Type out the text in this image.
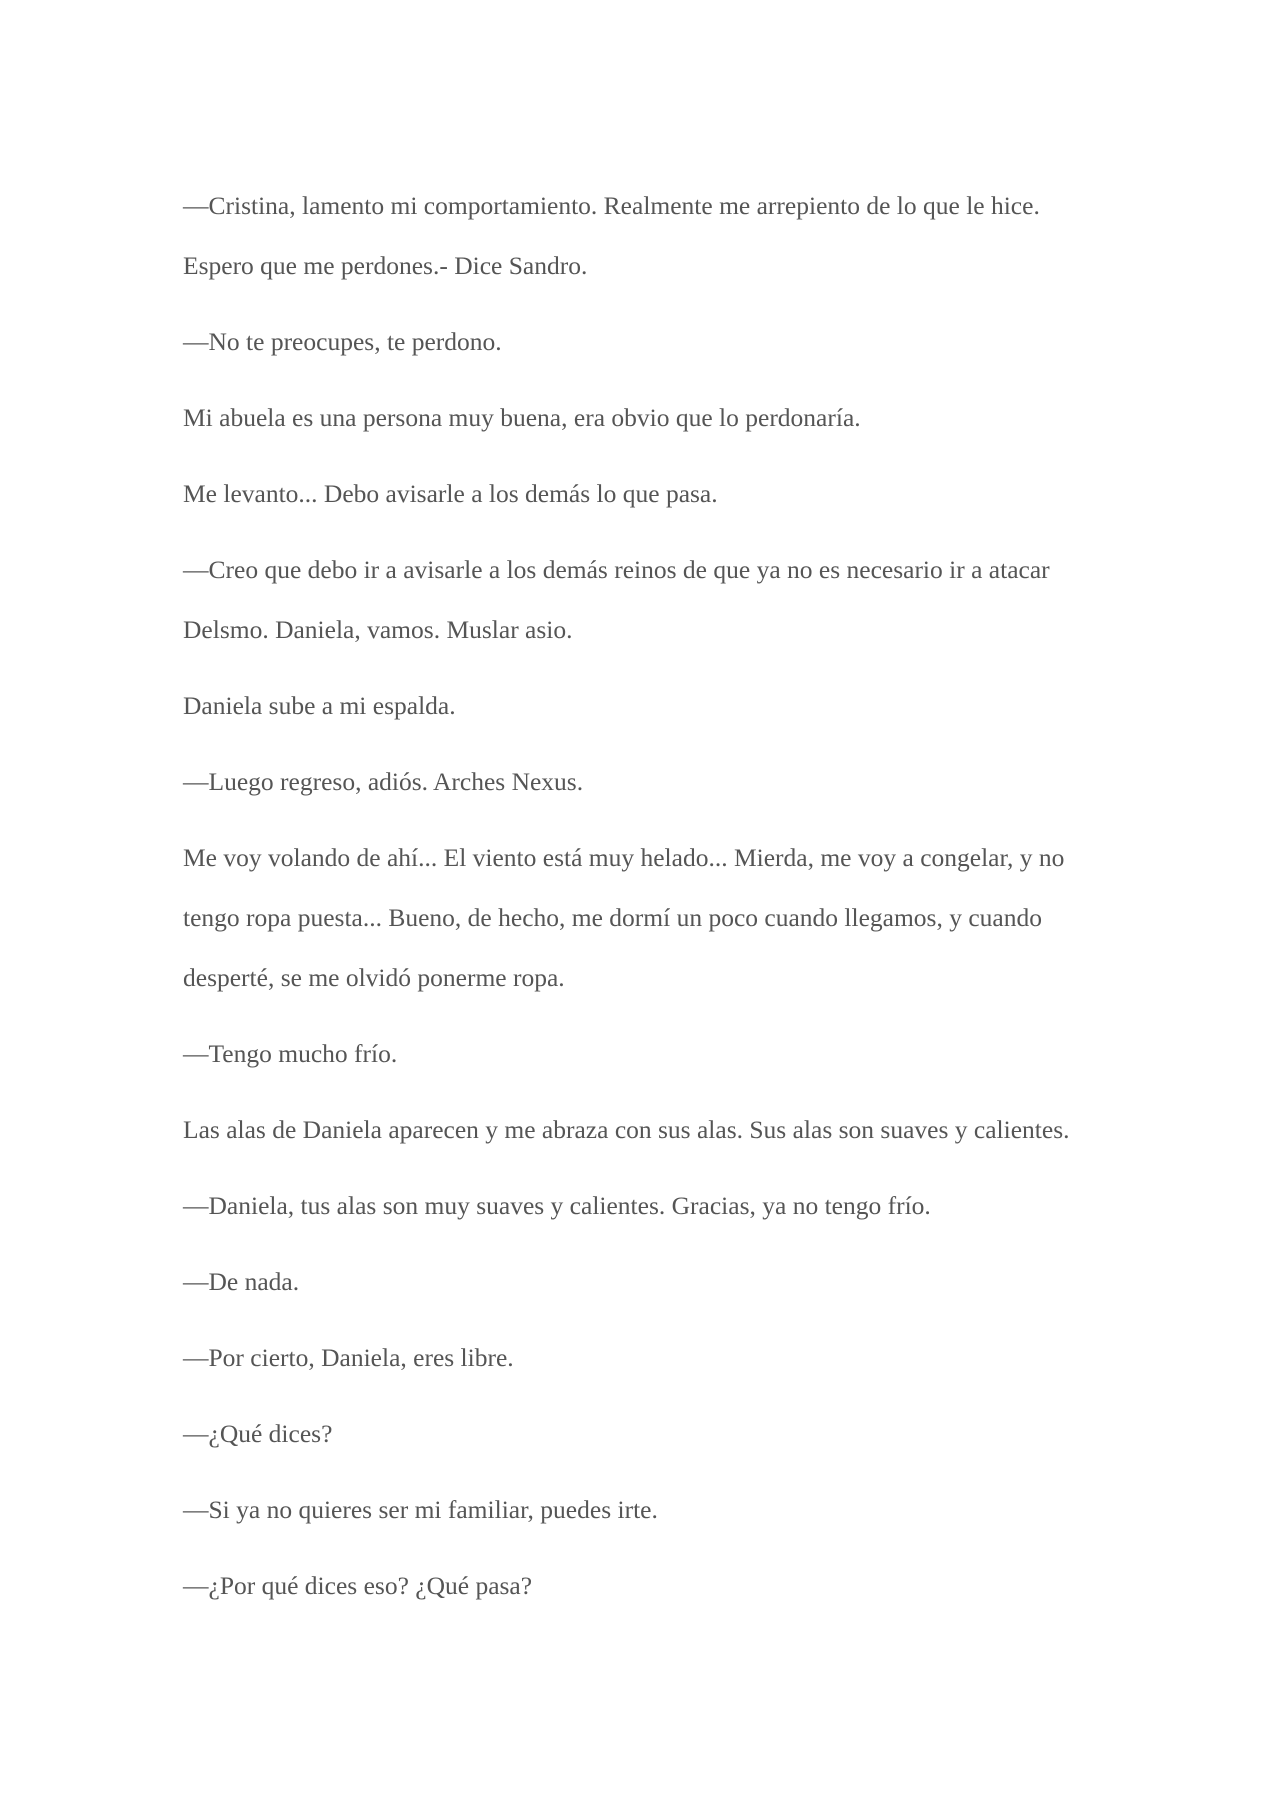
—Cristina, lamento mi comportamiento. Realmente me arrepiento de lo que le hice. Espero que me perdones.- Dice Sandro.

—No te preocupes, te perdono.

Mi abuela es una persona muy buena, era obvio que lo perdonaría.

Me levanto... Debo avisarle a los demás lo que pasa.

—Creo que debo ir a avisarle a los demás reinos de que ya no es necesario ir a atacar Delsmo. Daniela, vamos. Muslar asio.

Daniela sube a mi espalda.

—Luego regreso, adiós. Arches Nexus.

Me voy volando de ahí... El viento está muy helado... Mierda, me voy a congelar, y no tengo ropa puesta... Bueno, de hecho, me dormí un poco cuando llegamos, y cuando desperté, se me olvidó ponerme ropa.

—Tengo mucho frío.

Las alas de Daniela aparecen y me abraza con sus alas. Sus alas son suaves y calientes.

—Daniela, tus alas son muy suaves y calientes. Gracias, ya no tengo frío.

—De nada.

—Por cierto, Daniela, eres libre.

—¿Qué dices?

—Si ya no quieres ser mi familiar, puedes irte.

—¿Por qué dices eso? ¿Qué pasa?
